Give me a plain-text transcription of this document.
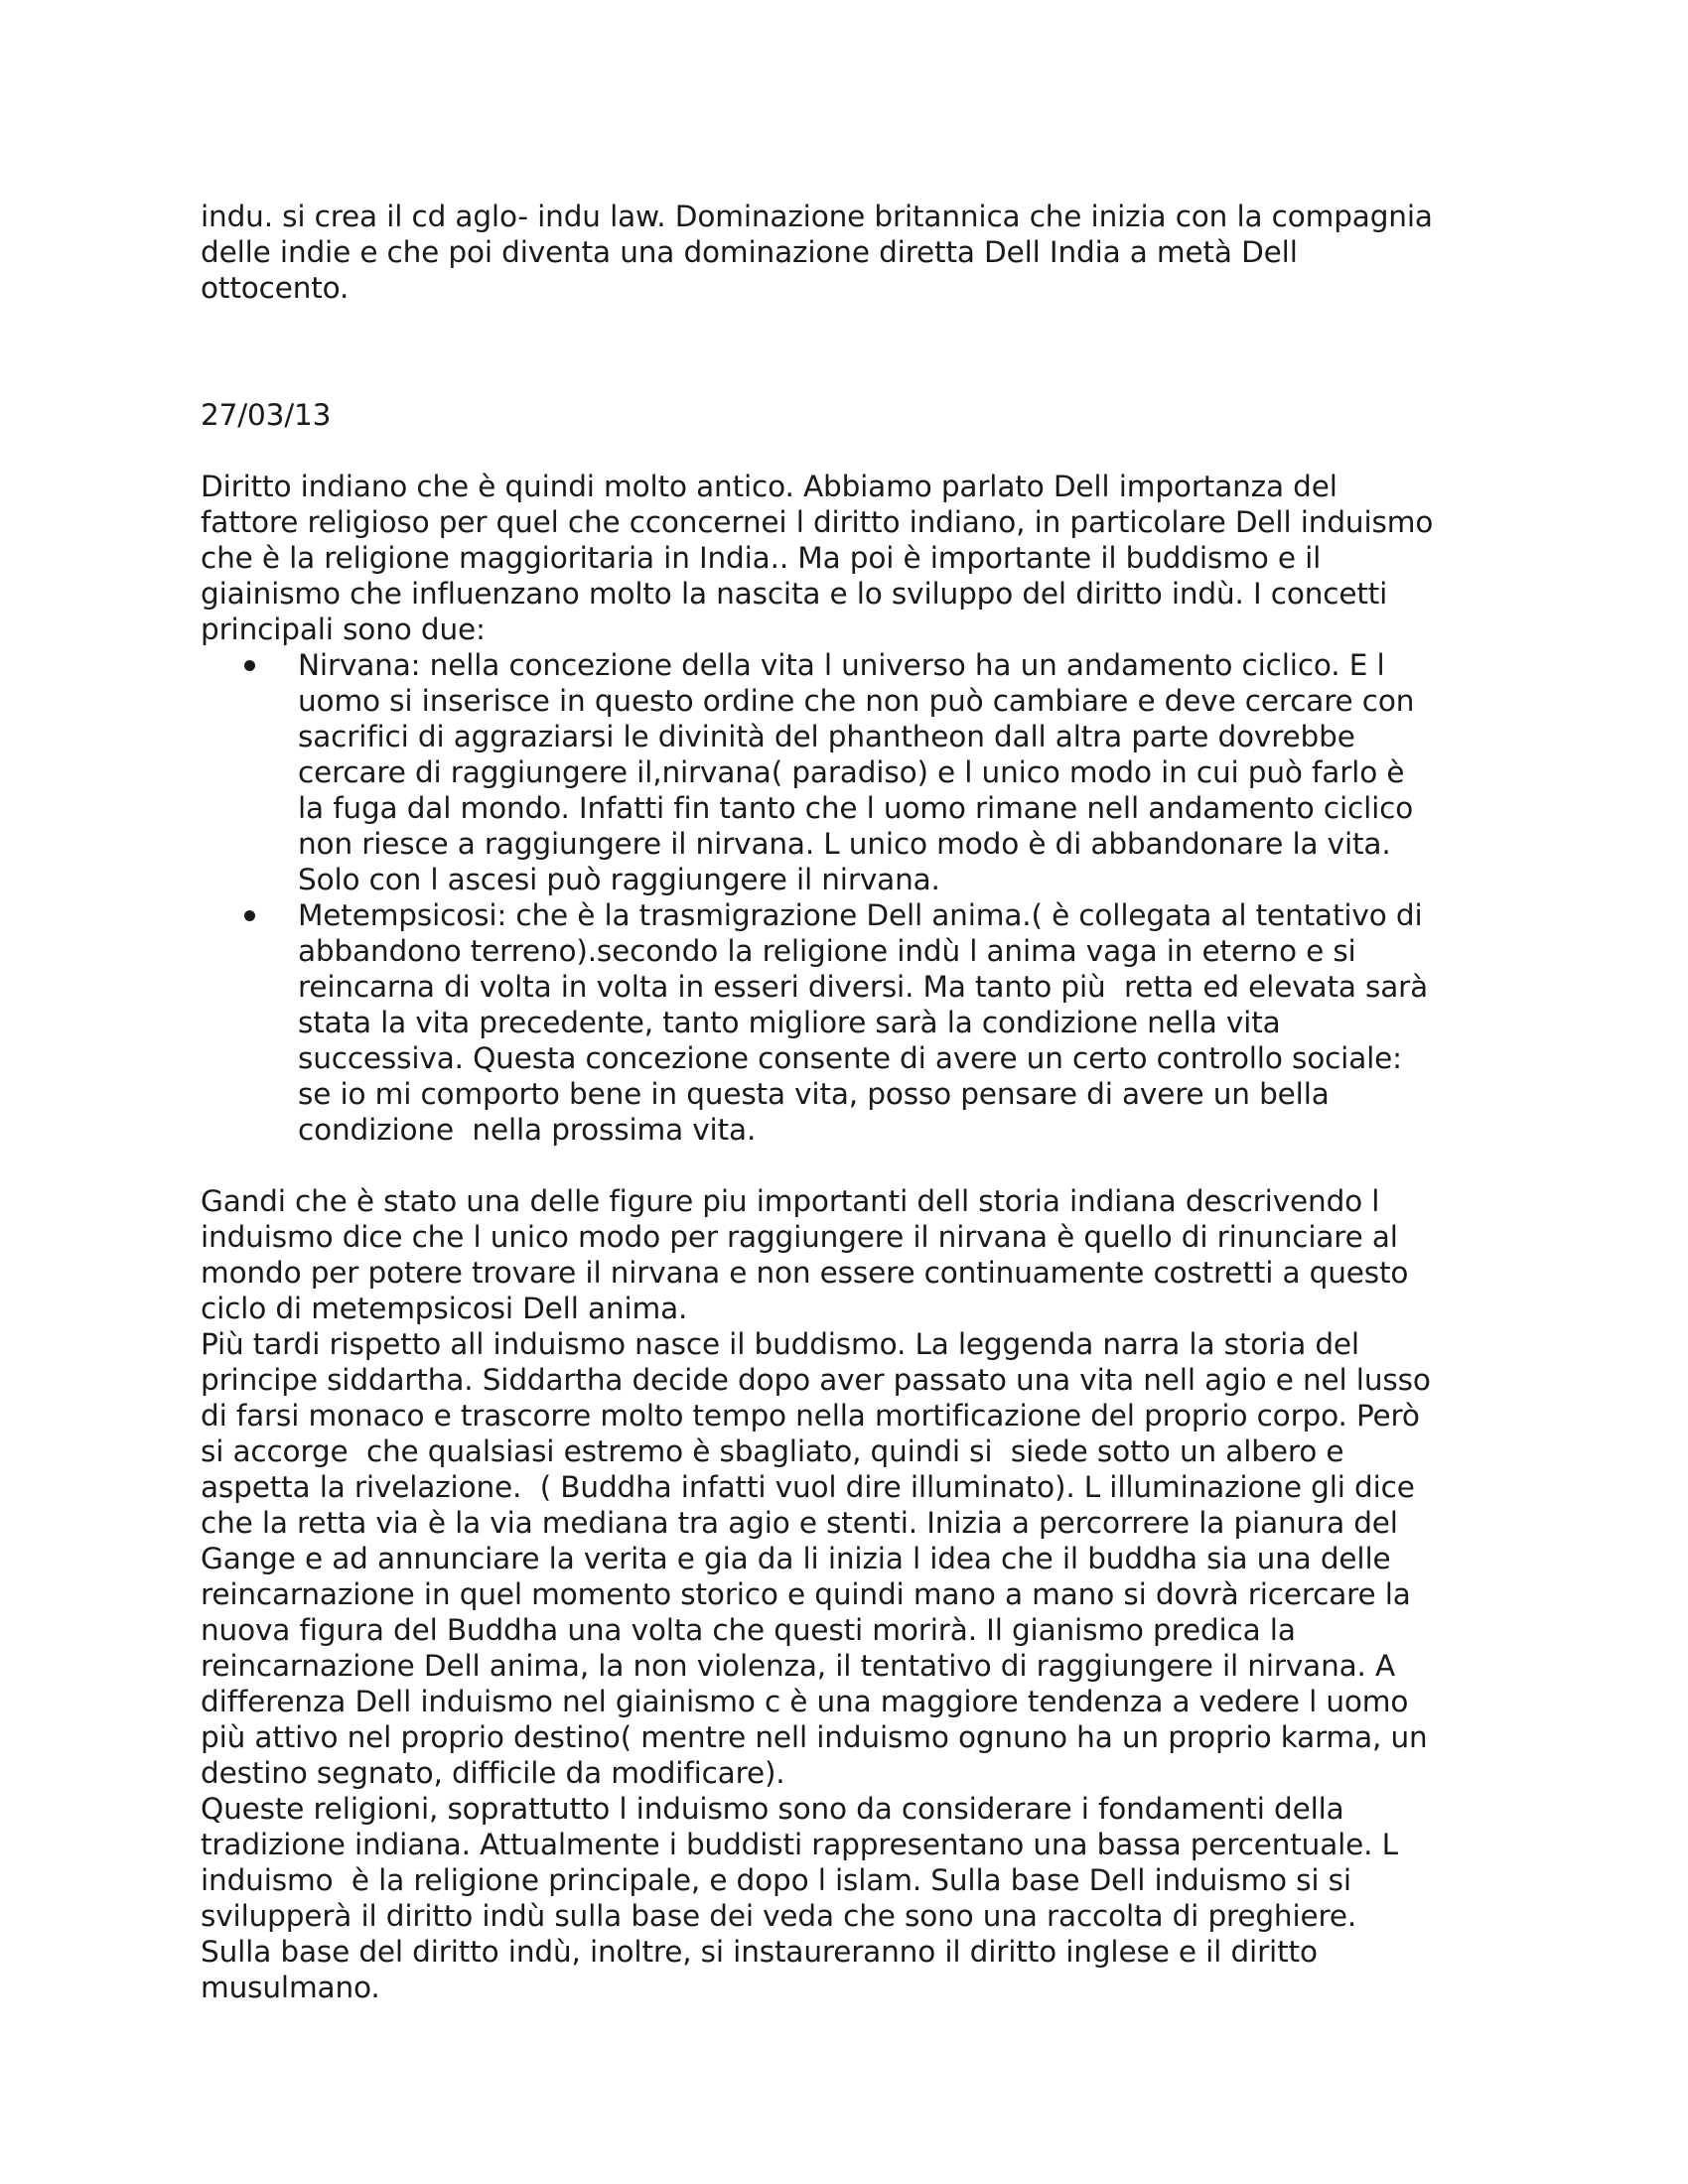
indu. si crea il cd aglo- indu law. Dominazione britannica che inizia con la compagnia
delle indie e che poi diventa una dominazione diretta Dell India a metà Dell
ottocento.

27/03/13

Diritto indiano che è quindi molto antico. Abbiamo parlato Dell importanza del
fattore religioso per quel che cconcernei l diritto indiano, in particolare Dell induismo
che è la religione maggioritaria in India.. Ma poi è importante il buddismo e il
giainismo che influenzano molto la nascita e lo sviluppo del diritto indù. I concetti
principali sono due:

Nirvana: nella concezione della vita l universo ha un andamento ciclico. E l
uomo si inserisce in questo ordine che non può cambiare e deve cercare con
sacrifici di aggraziarsi le divinità del phantheon dall altra parte dovrebbe
cercare di raggiungere il,nirvana( paradiso) e l unico modo in cui può farlo è
la fuga dal mondo. Infatti fin tanto che l uomo rimane nell andamento ciclico
non riesce a raggiungere il nirvana. L unico modo è di abbandonare la vita.
Solo con l ascesi può raggiungere il nirvana.
Metempsicosi: che è la trasmigrazione Dell anima.( è collegata al tentativo di
abbandono terreno).secondo la religione indù l anima vaga in eterno e si
reincarna di volta in volta in esseri diversi. Ma tanto più  retta ed elevata sarà
stata la vita precedente, tanto migliore sarà la condizione nella vita
successiva. Questa concezione consente di avere un certo controllo sociale:
se io mi comporto bene in questa vita, posso pensare di avere un bella
condizione  nella prossima vita.

Gandi che è stato una delle figure piu importanti dell storia indiana descrivendo l
induismo dice che l unico modo per raggiungere il nirvana è quello di rinunciare al
mondo per potere trovare il nirvana e non essere continuamente costretti a questo
ciclo di metempsicosi Dell anima.

Più tardi rispetto all induismo nasce il buddismo. La leggenda narra la storia del
principe siddartha. Siddartha decide dopo aver passato una vita nell agio e nel lusso
di farsi monaco e trascorre molto tempo nella mortificazione del proprio corpo. Però
si accorge  che qualsiasi estremo è sbagliato, quindi si  siede sotto un albero e
aspetta la rivelazione.  ( Buddha infatti vuol dire illuminato). L illuminazione gli dice
che la retta via è la via mediana tra agio e stenti. Inizia a percorrere la pianura del
Gange e ad annunciare la verita e gia da li inizia l idea che il buddha sia una delle
reincarnazione in quel momento storico e quindi mano a mano si dovrà ricercare la
nuova figura del Buddha una volta che questi morirà. Il gianismo predica la
reincarnazione Dell anima, la non violenza, il tentativo di raggiungere il nirvana. A
differenza Dell induismo nel giainismo c è una maggiore tendenza a vedere l uomo
più attivo nel proprio destino( mentre nell induismo ognuno ha un proprio karma, un
destino segnato, difficile da modificare).

Queste religioni, soprattutto l induismo sono da considerare i fondamenti della
tradizione indiana. Attualmente i buddisti rappresentano una bassa percentuale. L
induismo  è la religione principale, e dopo l islam. Sulla base Dell induismo si si
svilupperà il diritto indù sulla base dei veda che sono una raccolta di preghiere.
Sulla base del diritto indù, inoltre, si instaureranno il diritto inglese e il diritto
musulmano.
